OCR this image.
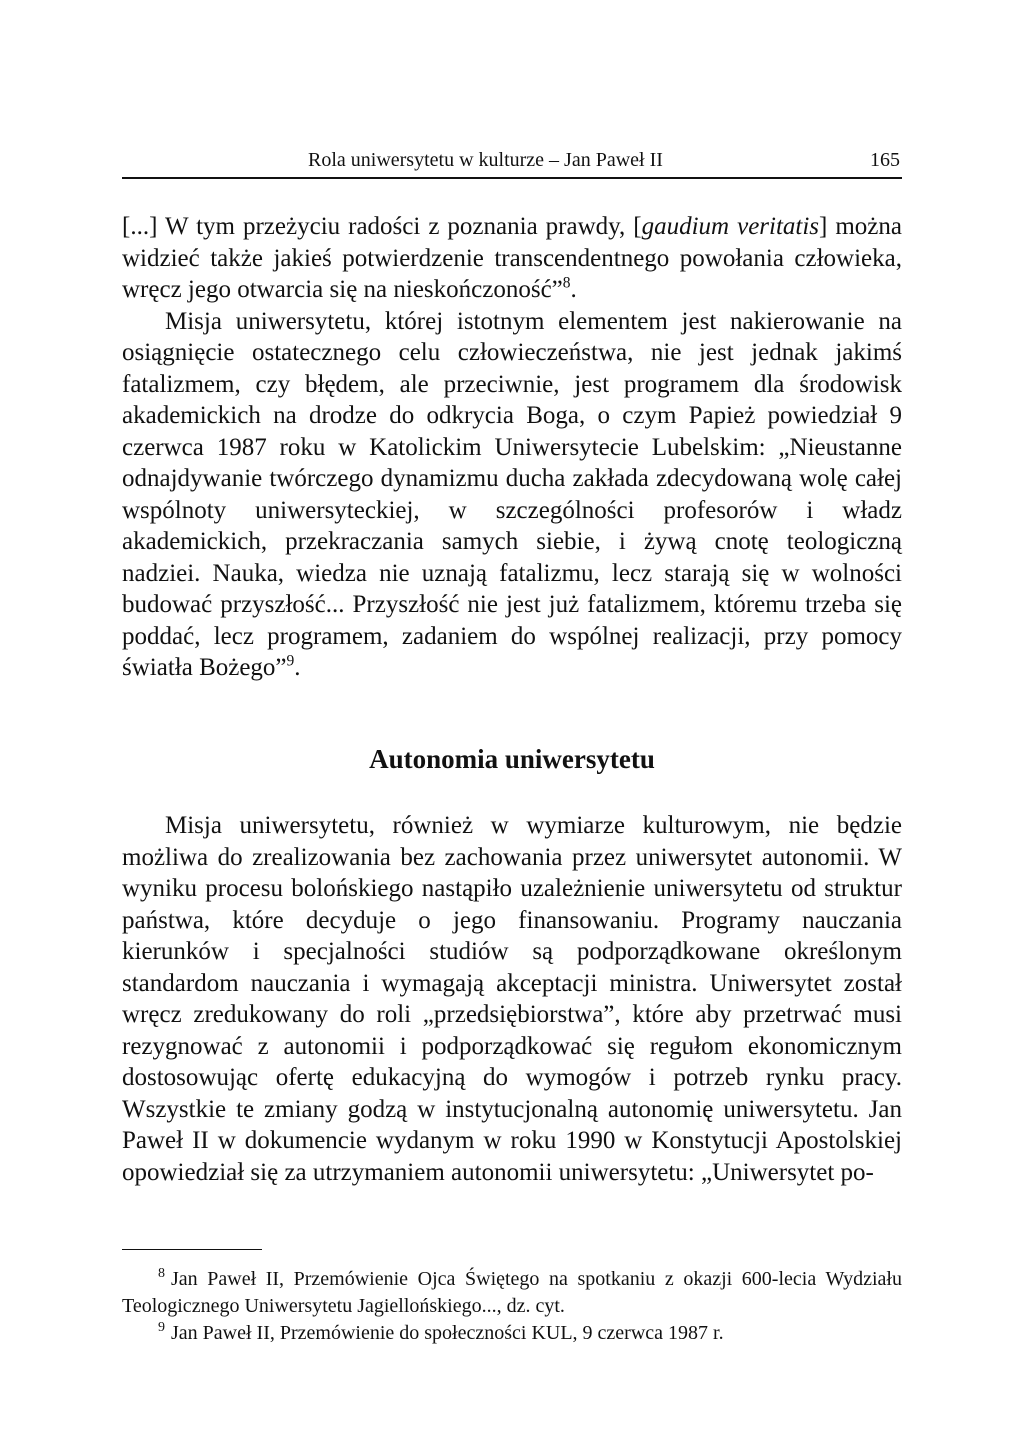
Rola uniwersytetu w kulturze – Jan Paweł II	165

[...] W tym przeżyciu radości z poznania prawdy, [gaudium veritatis] można widzieć także jakieś potwierdzenie transcendentnego powołania człowieka, wręcz jego otwarcia się na nieskończoność”$^8$.

Misja uniwersytetu, której istotnym elementem jest nakierowanie na osiągnięcie ostatecznego celu człowieczeństwa, nie jest jednak jakimś fatalizmem, czy błędem, ale przeciwnie, jest programem dla środowisk akademickich na drodze do odkrycia Boga, o czym Papież powiedział 9 czerwca 1987 roku w Katolickim Uniwersytecie Lubelskim: „Nieustanne odnajdywanie twórczego dynamizmu ducha zakłada zdecydowaną wolę całej wspólnoty uniwersyteckiej, w szczególności profesorów i władz akademickich, przekraczania samych siebie, i żywą cnotę teologiczną nadziei. Nauka, wiedza nie uznają fatalizmu, lecz starają się w wolności budować przyszłość... Przyszłość nie jest już fatalizmem, któremu trzeba się poddać, lecz programem, zadaniem do wspólnej realizacji, przy pomocy światła Bożego”$^9$.

Autonomia uniwersytetu

Misja uniwersytetu, również w wymiarze kulturowym, nie będzie możliwa do zrealizowania bez zachowania przez uniwersytet autonomii. W wyniku procesu bolońskiego nastąpiło uzależnienie uniwersytetu od struktur państwa, które decyduje o jego finansowaniu. Programy nauczania kierunków i specjalności studiów są podporządkowane określonym standardom nauczania i wymagają akceptacji ministra. Uniwersytet został wręcz zredukowany do roli „przedsiębiorstwa”, które aby przetrwać musi rezygnować z autonomii i podporządkować się regułom ekonomicznym dostosowując ofertę edukacyjną do wymogów i potrzeb rynku pracy. Wszystkie te zmiany godzą w instytucjonalną autonomię uniwersytetu. Jan Paweł II w dokumencie wydanym w roku 1990 w Konstytucji Apostolskiej opowiedział się za utrzymaniem autonomii uniwersytetu: „Uniwersytet po-

$^8$ Jan Paweł II, Przemówienie Ojca Świętego na spotkaniu z okazji 600-lecia Wydziału Teologicznego Uniwersytetu Jagiellońskiego..., dz. cyt.

$^9$ Jan Paweł II, Przemówienie do społeczności KUL, 9 czerwca 1987 r.
